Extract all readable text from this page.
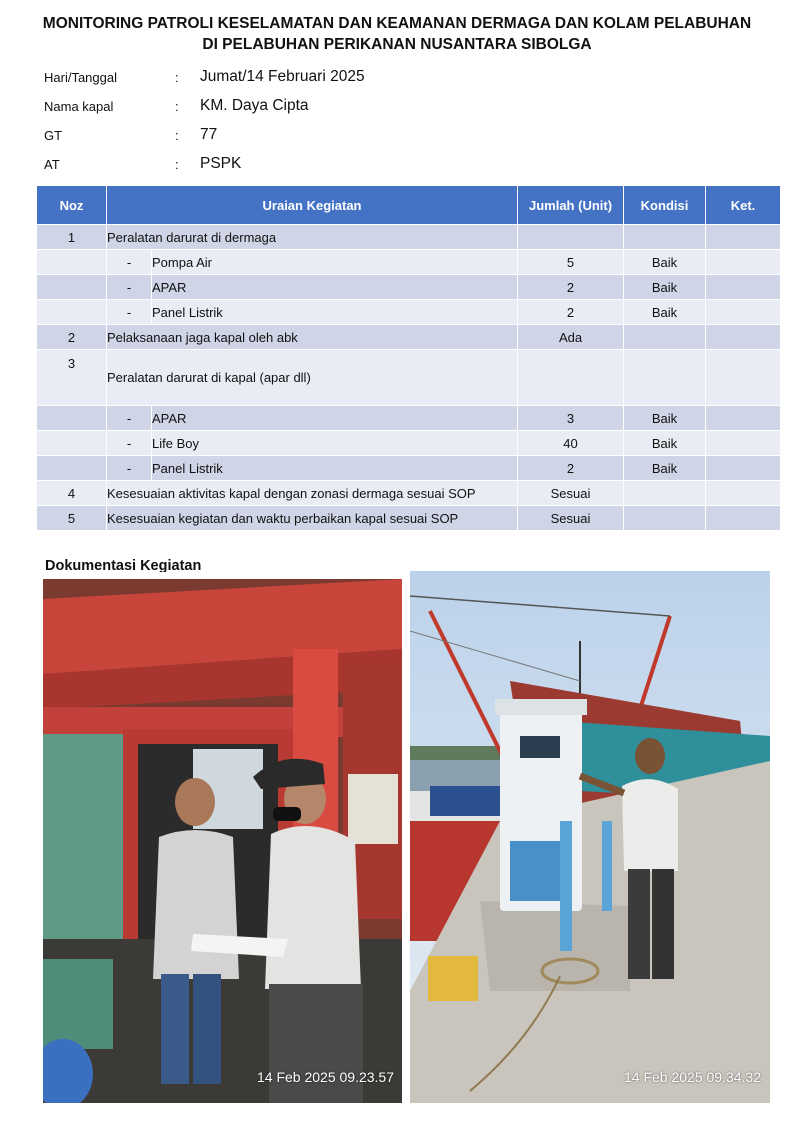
MONITORING PATROLI KESELAMATAN DAN KEAMANAN DERMAGA DAN KOLAM PELABUHAN
DI PELABUHAN PERIKANAN NUSANTARA SIBOLGA
Hari/Tanggal	: Jumat/14 Februari 2025
Nama kapal	: KM. Daya Cipta
GT	: 77
AT	: PSPK
Noz	Uraian Kegiatan		Jumlah (Unit)	Kondisi	Ket.
1	Peralatan darurat di dermaga				
	-	Pompa Air	5	Baik	
	-	APAR	2	Baik	
	-	Panel Listrik	2	Baik	
2	Pelaksanaan jaga kapal oleh abk		Ada		
3	Peralatan darurat di kapal (apar dll)				
	-	APAR	3	Baik	
	-	Life Boy	40	Baik	
	-	Panel Listrik	2	Baik	
4	Kesesuaian aktivitas kapal dengan zonasi dermaga sesuai SOP		Sesuai		
5	Kesesuaian kegiatan dan waktu perbaikan kapal sesuai SOP		Sesuai		
Dokumentasi Kegiatan
14 Feb 2025 09.23.57	14 Feb 2025 09.34.32
